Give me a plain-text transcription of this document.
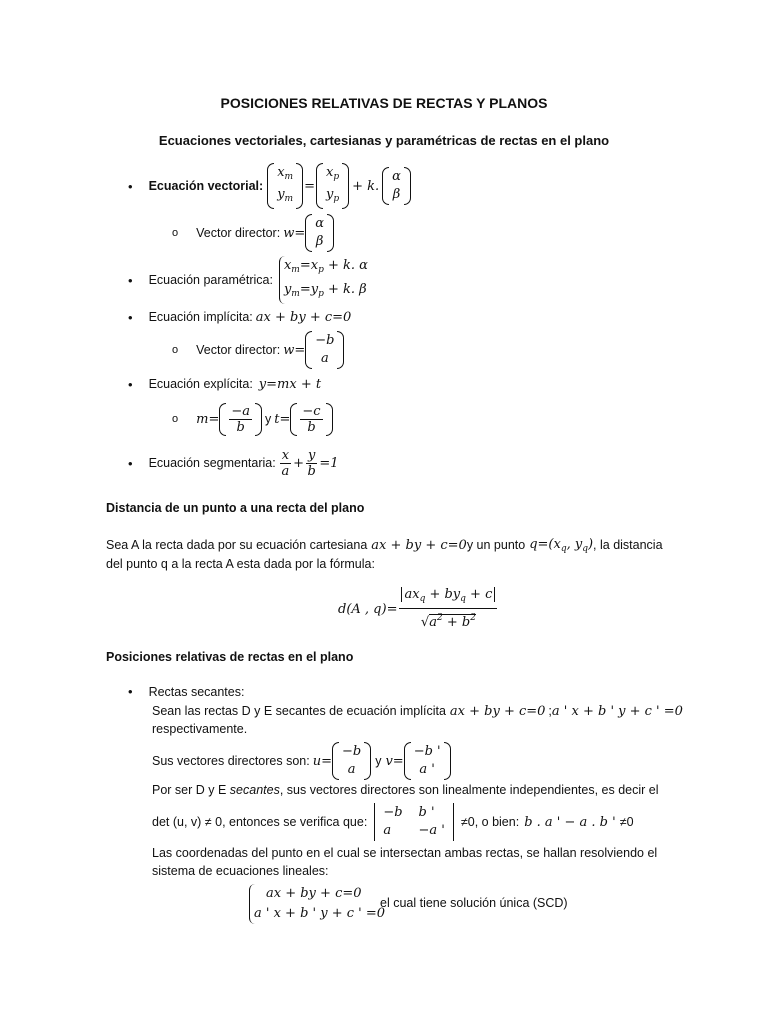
POSICIONES RELATIVAS DE RECTAS Y PLANOS
Ecuaciones vectoriales, cartesianas y paramétricas de rectas en el plano
• Ecuación vectorial:
$x_m$
$y_m$
=
$x_p$
$y_p$
+ k.
α
β
o Vector director: w=
α
β
• Ecuación paramétrica:
$x_m=x_p + k$. α
$y_m=y_p + k$. β
• Ecuación implícita: ax + by + c=0
o Vector director: w=
−b
a
• Ecuación explícita: y=mx + t
o $m= \frac{-a}{b}$ y $t= \frac{-c}{b}$
• Ecuación segmentaria: $\frac{x}{a} + \frac{y}{b} =1$
Distancia de un punto a una recta del plano
Sea A la recta dada por su ecuación cartesiana ax + by + c=0 y un punto $q=(x_q$, $y_q$) , la distancia
del punto q a la recta A esta dada por la fórmula:
d(A , $q)= \frac{ax_q + by_q + c}{√a^2 + b^2}$
Posiciones relativas de rectas en el plano
• Rectas secantes:
Sean las rectas D y E secantes de ecuación implícita ax + by + c=0 ; a ' x + b ' y + c ' =0
respectivamente.
Sus vectores directores son: u=
−b
a
y v=
−b '
a '
Por ser D y E secantes, sus vectores directores son linealmente independientes, es decir el
det (u, v) ≠ 0, entonces se verifica que:
−b b '
a	−a '
≠0, o bien: b . a ' − a . b ' ≠0
Las coordenadas del punto en el cual se intersectan ambas rectas, se hallan resolviendo el
sistema de ecuaciones lineales:
ax + by + c=0
a ' x + b ' y + c ' =0
el cual tiene solución única (SCD)
